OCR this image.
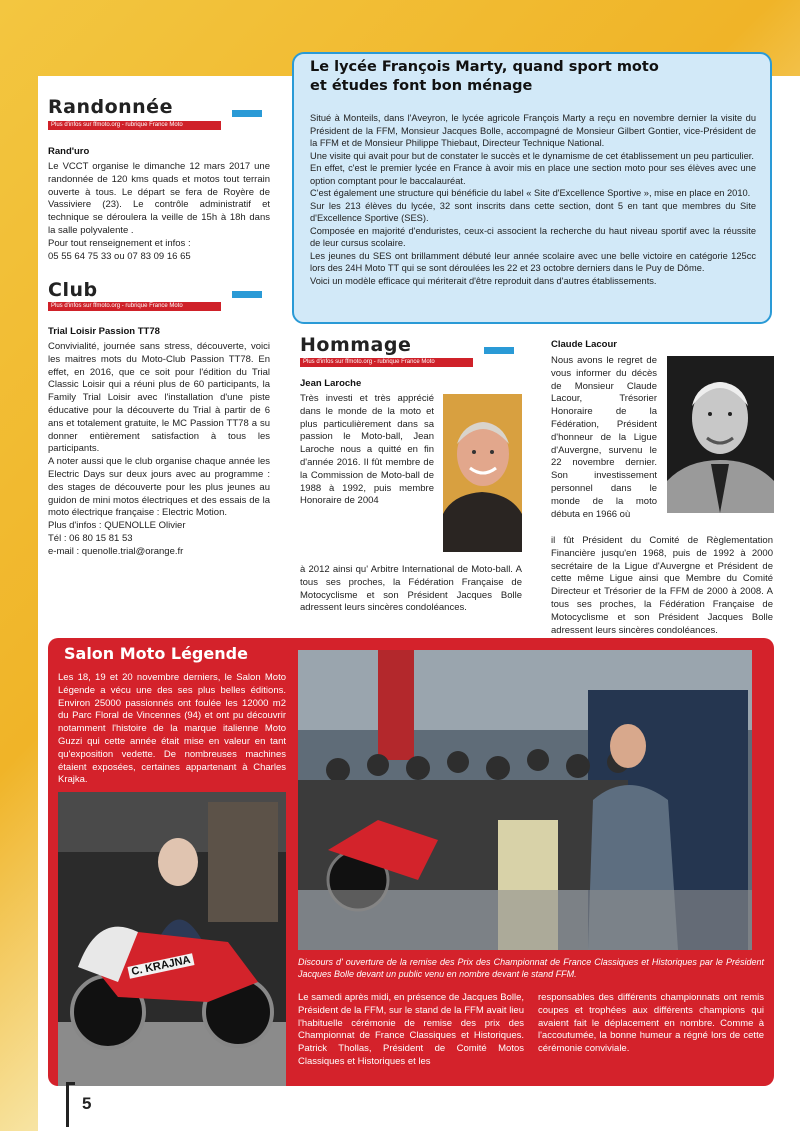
Randonnée
Plus d'infos sur ffmoto.org - rubrique France Moto
Rand'uro

Le VCCT organise le dimanche 12 mars 2017 une randonnée de 120 kms quads et motos tout terrain ouverte à tous. Le départ se fera de Royère de Vassiviere (23). Le contrôle administratif et technique se déroulera la veille de 15h à 18h dans la salle polyvalente .

Pour tout renseignement et infos :

05 55 64 75 33 ou 07 83 09 16 65

Club
Plus d'infos sur ffmoto.org - rubrique France Moto
Trial Loisir Passion TT78

Convivialité, journée sans stress, découverte, voici les maitres mots du Moto-Club Passion TT78. En effet, en 2016, que ce soit pour l'édition du Trial Classic Loisir qui a réuni plus de 60 participants, la Family Trial Loisir avec l'installation d'une piste éducative pour la découverte du Trial à partir de 6 ans et totalement gratuite, le MC Passion TT78 a su donner entièrement satisfaction à tous les participants.

A noter aussi que le club organise chaque année les Electric Days sur deux jours avec au programme : des stages de découverte pour les plus jeunes au guidon de mini motos électriques et des essais de la moto électrique française : Electric Motion.

Plus d'infos : QUENOLLE Olivier

Tél : 06 80 15 81 53

e-mail : quenolle.trial@orange.fr

Le lycée François Marty, quand sport moto
et études font bon ménage

Situé à Monteils, dans l'Aveyron, le lycée agricole François Marty a reçu en novembre dernier la visite du Président de la FFM, Monsieur Jacques Bolle, accompagné de Monsieur Gilbert Gontier, vice-Président de la FFM et de Monsieur Philippe Thiebaut, Directeur Technique National.

Une visite qui avait pour but de constater le succès et le dynamisme de cet établissement un peu particulier.

En effet, c'est le premier lycée en France à avoir mis en place une section moto pour ses élèves avec une option comptant pour le baccalauréat.

C'est également une structure qui bénéficie du label « Site d'Excellence Sportive », mise en place en 2010.

Sur les 213 élèves du lycée, 32 sont inscrits dans cette section, dont 5 en tant que membres du Site d'Excellence Sportive (SES).

Composée en majorité d'enduristes, ceux-ci associent la recherche du haut niveau sportif avec la réussite de leur cursus scolaire.

Les jeunes du SES ont brillamment débuté leur année scolaire avec une belle victoire en catégorie 125cc lors des 24H Moto TT qui se sont déroulées les 22 et 23 octobre derniers dans le Puy de Dôme.

Voici un modèle efficace qui mériterait d'être reproduit dans d'autres établissements.

Hommage
Plus d'infos sur ffmoto.org - rubrique France Moto
Jean Laroche
Très investi et très apprécié dans le monde de la moto et plus particulièrement dans sa passion le Moto-ball, Jean Laroche nous a quitté en fin d'année 2016. Il fût membre de la Commission de Moto-ball de 1988 à 1992, puis membre Honoraire de 2004
à 2012 ainsi qu' Arbitre International de Moto-ball. A tous ses proches, la Fédération Française de Motocyclisme et son Président Jacques Bolle adressent leurs sincères condoléances.
Claude Lacour
Nous avons le regret de vous informer du décès de Monsieur Claude Lacour, Trésorier Honoraire de la Fédération, Président d'honneur de la Ligue d'Auvergne, survenu le 22 novembre dernier. Son investissement personnel dans le monde de la moto débuta en 1966 où
il fût Président du Comité de Règlementation Financière jusqu'en 1968, puis de 1992 à 2000 secrétaire de la Ligue d'Auvergne et Président de cette même Ligue ainsi que Membre du Comité Directeur et Trésorier de la FFM de 2000 à 2008. A tous ses proches, la Fédération Française de Motocyclisme et son Président Jacques Bolle adressent leurs sincères condoléances.
Salon Moto Légende
Les 18, 19 et 20 novembre derniers, le Salon Moto Légende a vécu une des ses plus belles éditions. Environ 25000 passionnés ont foulée les 12000 m2 du Parc Floral de Vincennes (94) et ont pu découvrir notamment l'histoire de la marque italienne Moto Guzzi qui cette année était mise en valeur en tant qu'exposition vedette. De nombreuses machines étaient exposées, certaines appartenant à Charles Krajka.
C. KRAJNA	Discours d' ouverture de la remise des Prix des Championnat de France Classiques et Historiques par le Président Jacques Bolle devant un public venu en nombre devant le stand FFM.
Le samedi après midi, en présence de Jacques Bolle, Président de la FFM, sur le stand de la FFM avait lieu l'habituelle cérémonie de remise des prix des Championnat de France Classiques et Historiques. Patrick Thollas, Président de Comité Motos Classiques et Historiques et les
responsables des différents championnats ont remis coupes et trophées aux différents champions qui avaient fait le déplacement en nombre. Comme à l'accoutumée, la bonne humeur a régné lors de cette cérémonie conviviale.
5
